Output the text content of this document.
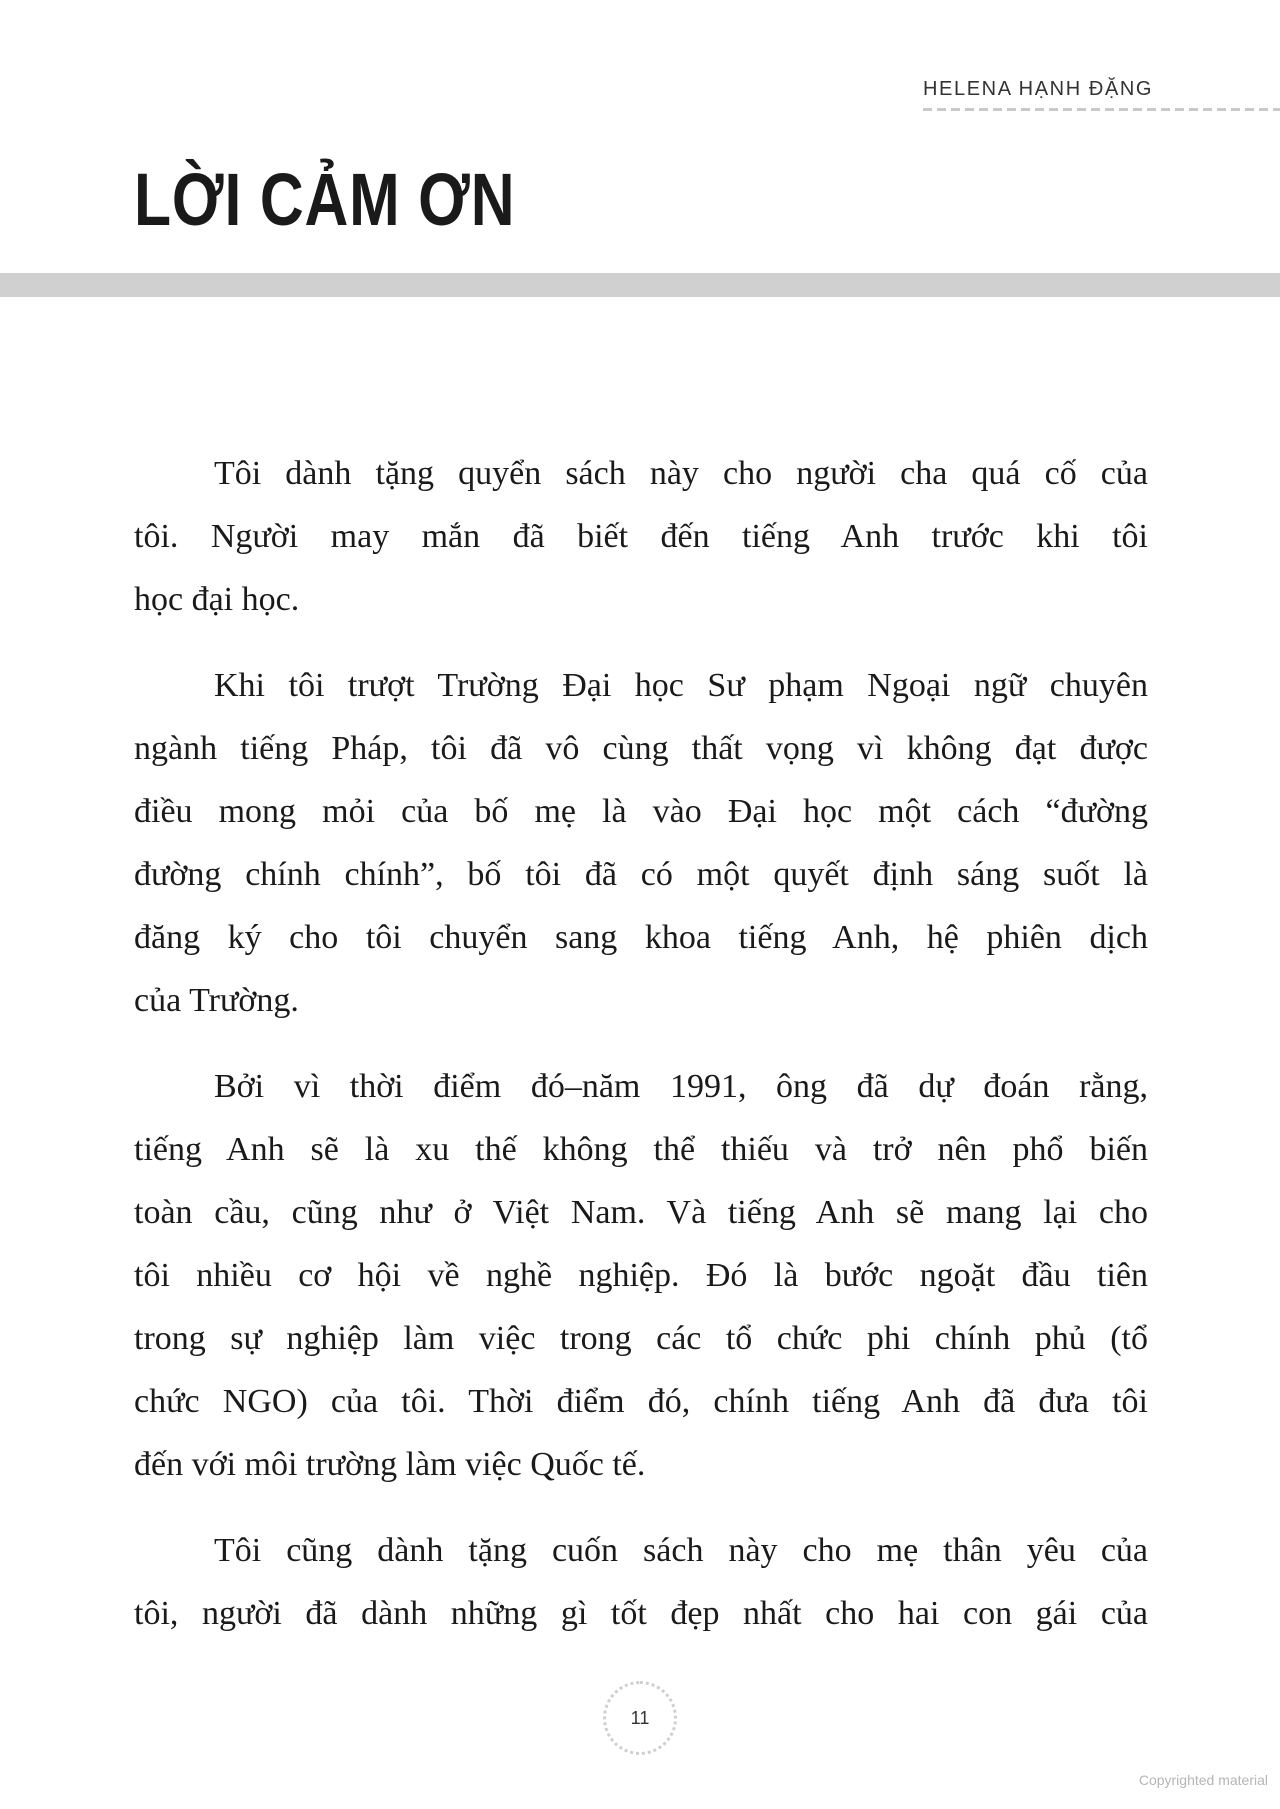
HELENA HẠNH ĐẶNG
LỜI CẢM ƠN
Tôi dành tặng quyển sách này cho người cha quá cố của
tôi. Người may mắn đã biết đến tiếng Anh trước khi tôi
học đại học.
Khi tôi trượt Trường Đại học Sư phạm Ngoại ngữ chuyên
ngành tiếng Pháp, tôi đã vô cùng thất vọng vì không đạt được
điều mong mỏi của bố mẹ là vào Đại học một cách “đường
đường chính chính”, bố tôi đã có một quyết định sáng suốt là
đăng ký cho tôi chuyển sang khoa tiếng Anh, hệ phiên dịch
của Trường.
Bởi vì thời điểm đó–năm 1991, ông đã dự đoán rằng,
tiếng Anh sẽ là xu thế không thể thiếu và trở nên phổ biến
toàn cầu, cũng như ở Việt Nam. Và tiếng Anh sẽ mang lại cho
tôi nhiều cơ hội về nghề nghiệp. Đó là bước ngoặt đầu tiên
trong sự nghiệp làm việc trong các tổ chức phi chính phủ (tổ
chức NGO) của tôi. Thời điểm đó, chính tiếng Anh đã đưa tôi
đến với môi trường làm việc Quốc tế.
Tôi cũng dành tặng cuốn sách này cho mẹ thân yêu của
tôi, người đã dành những gì tốt đẹp nhất cho hai con gái của
11
Copyrighted material
